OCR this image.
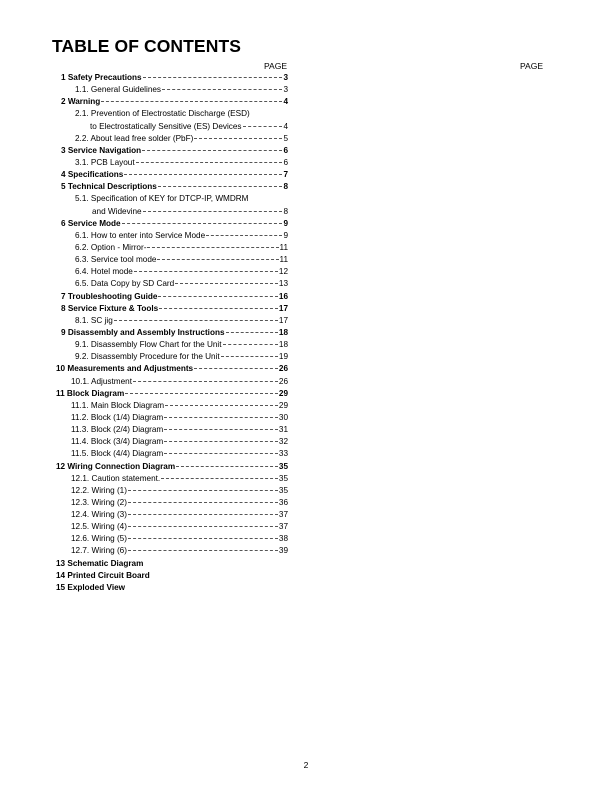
TABLE OF CONTENTS
PAGE	PAGE
1 Safety Precautions	3
1.1. General Guidelines	3
2 Warning	4
2.1. Prevention of Electrostatic Discharge (ESD)
to Electrostatically Sensitive (ES) Devices	4
2.2. About lead free solder (PbF)	5
3 Service Navigation	6
3.1. PCB Layout	6
4 Specifications	7
5 Technical Descriptions	8
5.1. Specification of KEY for DTCP-IP, WMDRM
and Widevine	8
6 Service Mode	9
6.1. How to enter into Service Mode	9
6.2. Option - Mirror-	11
6.3. Service tool mode	11
6.4. Hotel mode	12
6.5. Data Copy by SD Card	13
7 Troubleshooting Guide	16
8 Service Fixture & Tools	17
8.1. SC jig	17
9 Disassembly and Assembly Instructions	18
9.1. Disassembly Flow Chart for the Unit	18
9.2. Disassembly Procedure for the Unit	19
10 Measurements and Adjustments	26
10.1. Adjustment	26
11 Block Diagram	29
11.1. Main Block Diagram	29
11.2. Block (1/4) Diagram	30
11.3. Block (2/4) Diagram	31
11.4. Block (3/4) Diagram	32
11.5. Block (4/4) Diagram	33
12 Wiring Connection Diagram	35
12.1. Caution statement.	35
12.2. Wiring (1)	35
12.3. Wiring (2)	36
12.4. Wiring (3)	37
12.5. Wiring (4)	37
12.6. Wiring (5)	38
12.7. Wiring (6)	39
13 Schematic Diagram
14 Printed Circuit Board
15 Exploded View
2
